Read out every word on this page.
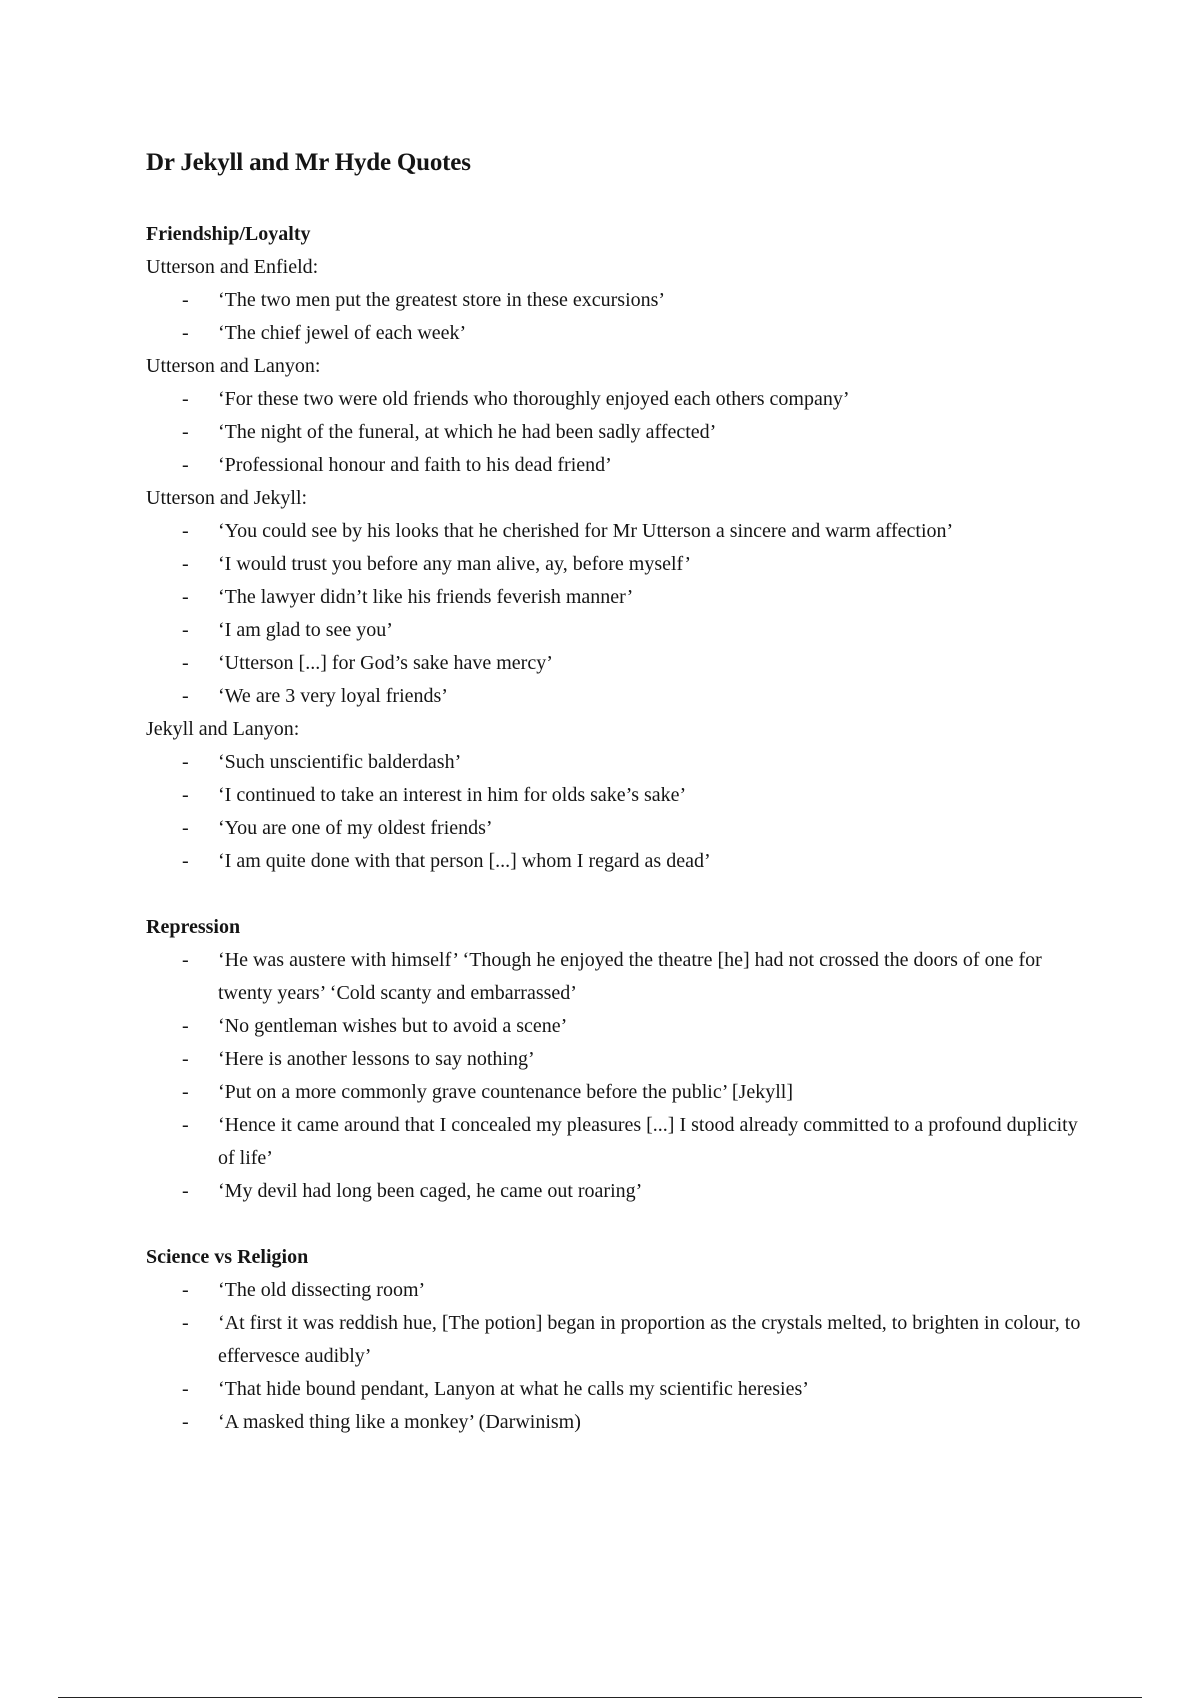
Dr Jekyll and Mr Hyde Quotes
Friendship/Loyalty
Utterson and Enfield:
- ‘The two men put the greatest store in these excursions’
- ‘The chief jewel of each week’
Utterson and Lanyon:
- ‘For these two were old friends who thoroughly enjoyed each others company’
- ‘The night of the funeral, at which he had been sadly affected’
- ‘Professional honour and faith to his dead friend’
Utterson and Jekyll:
- ‘You could see by his looks that he cherished for Mr Utterson a sincere and warm affection’
- ‘I would trust you before any man alive, ay, before myself’
- ‘The lawyer didn’t like his friends feverish manner’
- ‘I am glad to see you’
- ‘Utterson [...] for God’s sake have mercy’
- ‘We are 3 very loyal friends’
Jekyll and Lanyon:
- ‘Such unscientific balderdash’
- ‘I continued to take an interest in him for olds sake’s sake’
- ‘You are one of my oldest friends’
- ‘I am quite done with that person [...] whom I regard as dead’
Repression
- ‘He was austere with himself’ ‘Though he enjoyed the theatre [he] had not crossed the doors of one for twenty years’ ‘Cold scanty and embarrassed’
- ‘No gentleman wishes but to avoid a scene’
- ‘Here is another lessons to say nothing’
- ‘Put on a more commonly grave countenance before the public’ [Jekyll]
- ‘Hence it came around that I concealed my pleasures [...] I stood already committed to a profound duplicity of life’
- ‘My devil had long been caged, he came out roaring’
Science vs Religion
- ‘The old dissecting room’
- ‘At first it was reddish hue, [The potion] began in proportion as the crystals melted, to brighten in colour, to effervesce audibly’
- ‘That hide bound pendant, Lanyon at what he calls my scientific heresies’
- ‘A masked thing like a monkey’ (Darwinism)
